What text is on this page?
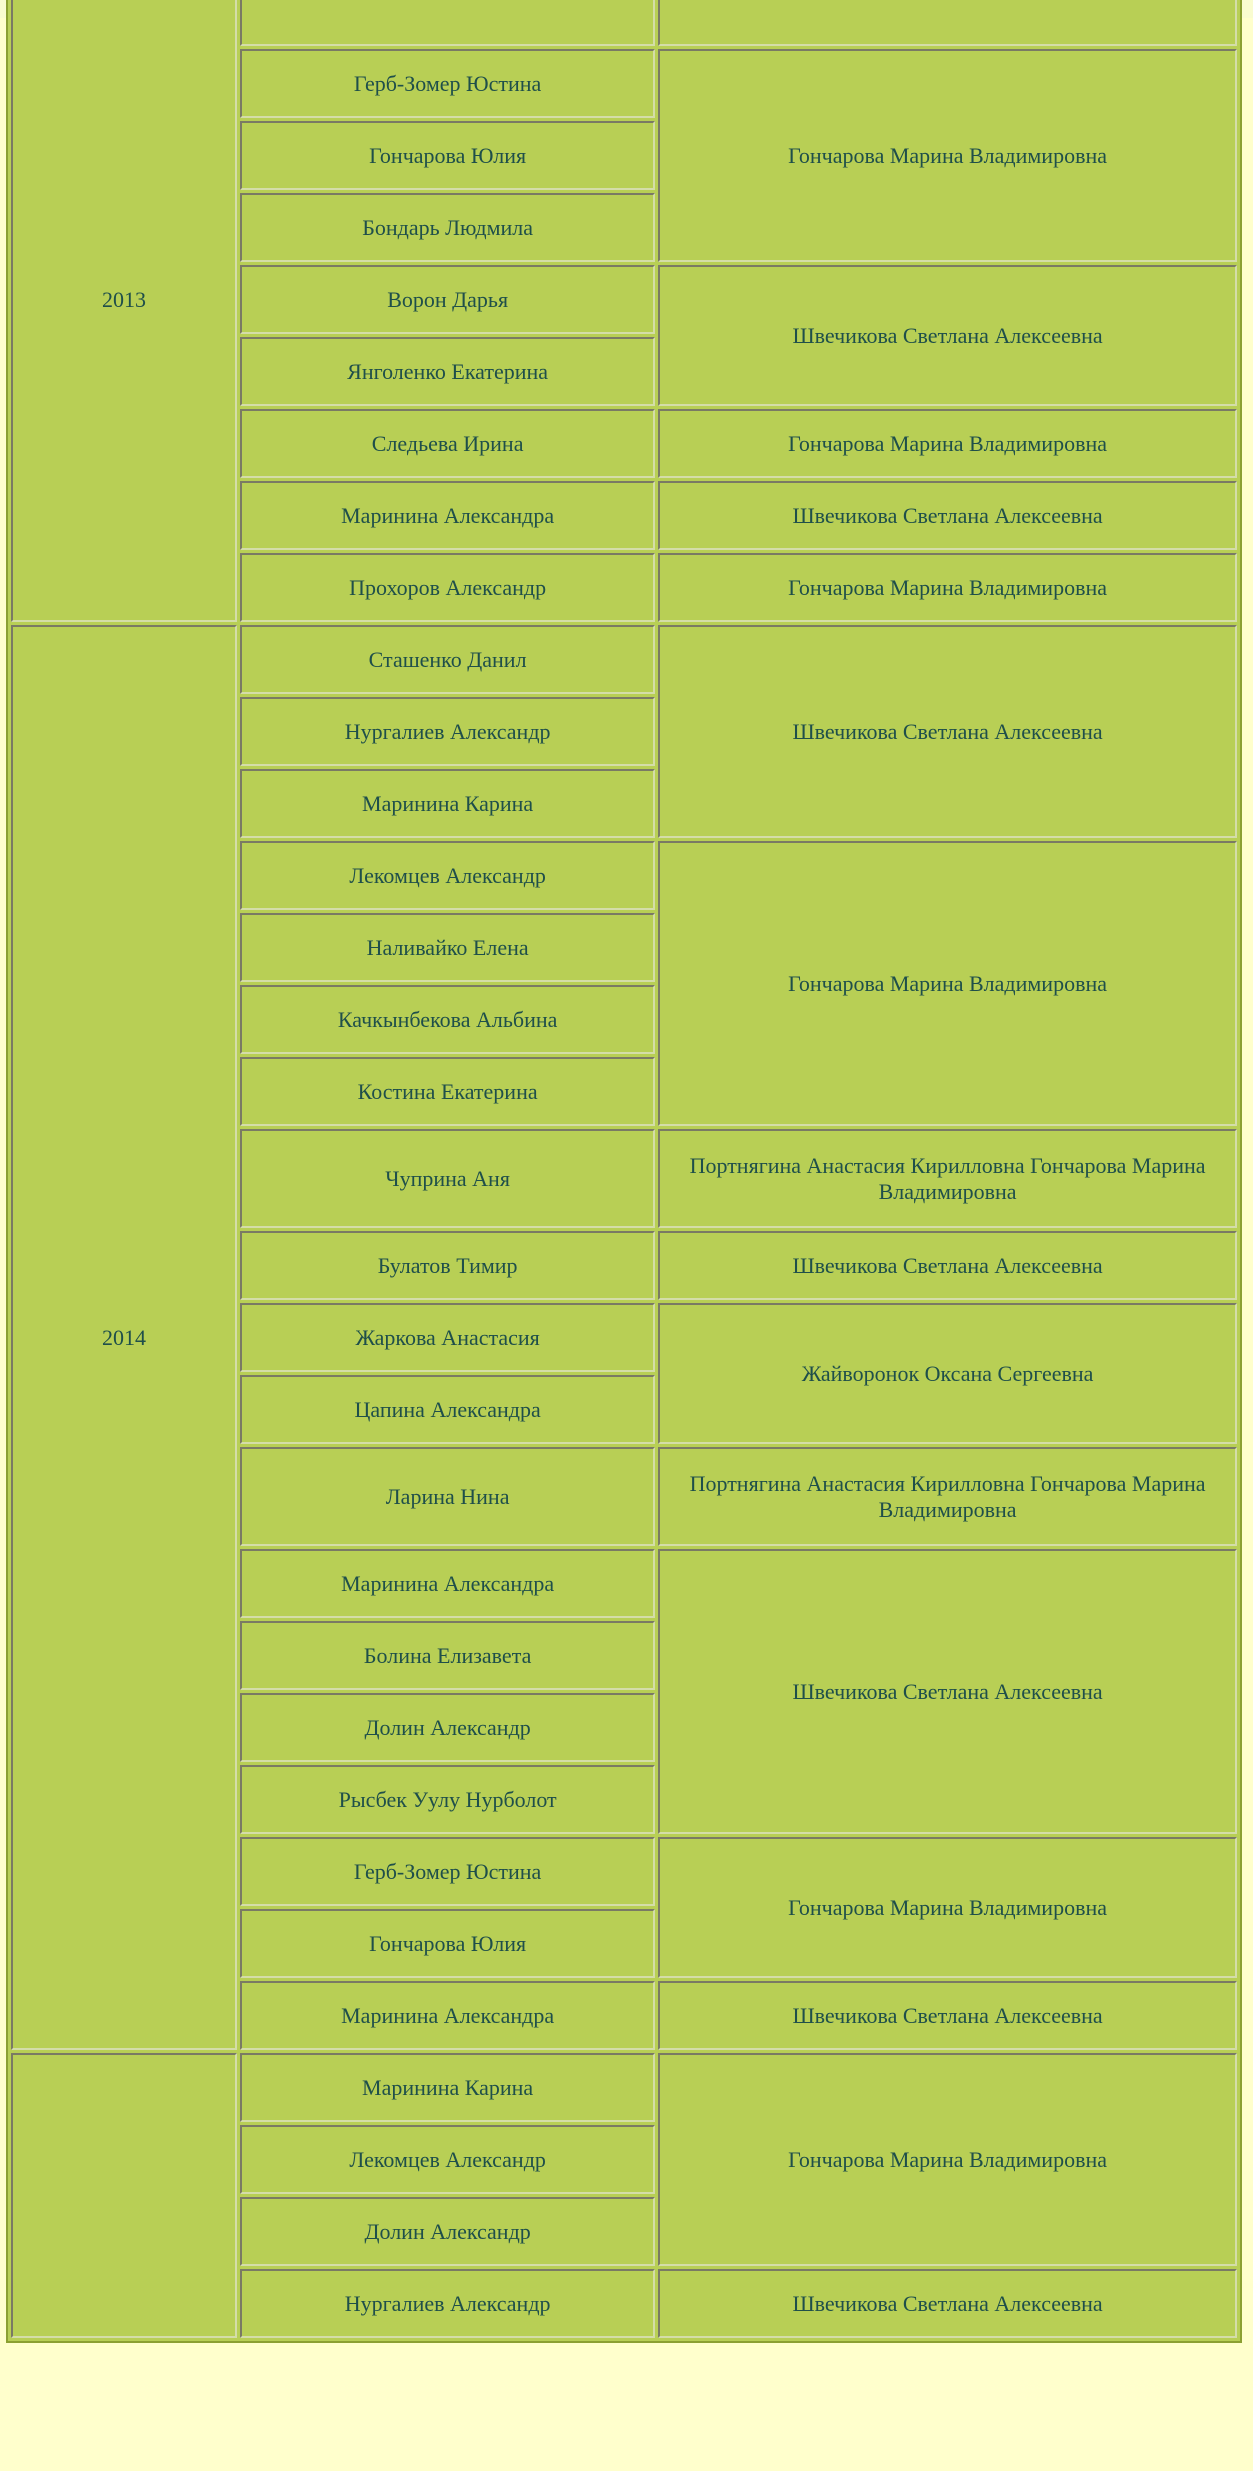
2013		

	Герб-Зомер Юстина	Гончарова Марина Владимировна
	Гончарова Юлия	
	Бондарь Людмила	
	Ворон Дарья	Швечикова Светлана Алексеевна
	Янголенко Екатерина	
	Следьева Ирина	Гончарова Марина Владимировна
	Маринина Александра	Швечикова Светлана Алексеевна
	Прохоров Александр	Гончарова Марина Владимировна

2014	Сташенко Данил	Швечикова Светлана Алексеевна
	Нургалиев Александр	
	Маринина Карина	
	Лекомцев Александр	Гончарова Марина Владимировна
	Наливайко Елена	
	Качкынбекова Альбина	
	Костина Екатерина	
	Чуприна Аня	Портнягина Анастасия Кирилловна Гончарова Марина Владимировна
	Булатов Тимир	Швечикова Светлана Алексеевна
	Жаркова Анастасия	Жайворонок Оксана Сергеевна
	Цапина Александра	
	Ларина Нина	Портнягина Анастасия Кирилловна Гончарова Марина Владимировна
	Маринина Александра	Швечикова Светлана Алексеевна
	Болина Елизавета	
	Долин Александр	
	Рысбек Уулу Нурболот	
	Герб-Зомер Юстина	Гончарова Марина Владимировна
	Гончарова Юлия	
	Маринина Александра	Швечикова Светлана Алексеевна

	Маринина Карина	Гончарова Марина Владимировна
	Лекомцев Александр	
	Долин Александр	
	Нургалиев Александр	Швечикова Светлана Алексеевна
